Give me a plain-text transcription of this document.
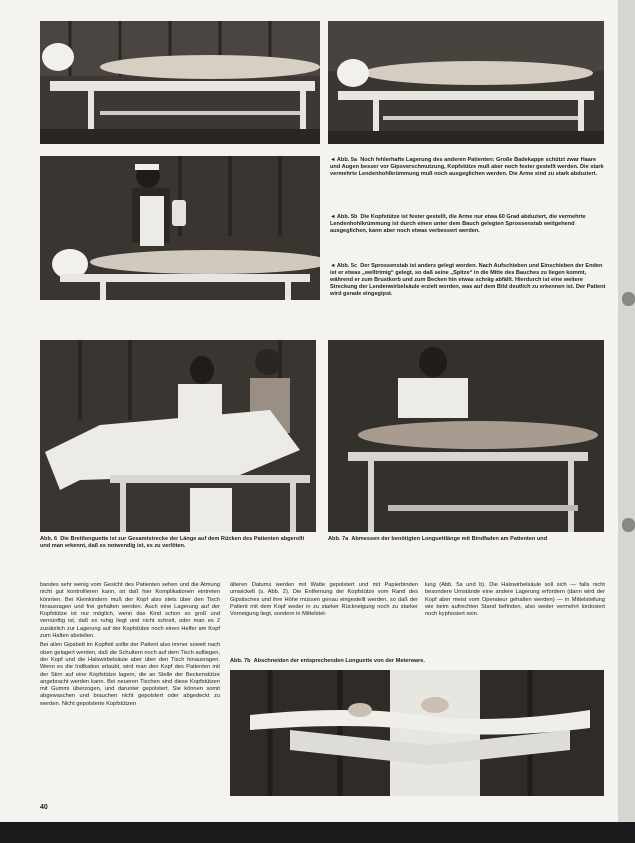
◄ Abb. 5a Noch fehlerhafte Lagerung des anderen Patienten: Große Badekappe schützt zwar Haare und Augen besser vor Gipsverschmutzung, Kopfstütze muß aber noch fester gestellt werden. Die stark vermehrte Lendenhohlkrümmung muß noch ausgeglichen werden. Die Arme sind zu stark abduziert.
◄ Abb. 5b Die Kopfstütze ist fester gestellt, die Arme nur etwa 60 Grad abduziert, die vermehrte Lendenhohlkrümmung ist durch einen unter dem Bauch gelegten Sprossenstab weitgehend ausgeglichen, kann aber noch etwas verbessert werden.
◄ Abb. 5c Der Sprossenstab ist anders gelegt worden. Nach Aufschieben und Einschieben der Enden ist er etwas „welltrimig“ gelegt, so daß seine „Spitze“ in die Mitte des Bauches zu liegen kommt, während er zum Brustkorb und zum Becken hin etwas schräg abfällt. Hierdurch ist eine weitere Streckung der Lendenwirbelsäule erzielt worden, was auf dem Bild deutlich zu erkennen ist. Der Patient wird gerade eingegipst.
Abb. 6 Die Breitlonguette ist zur Gesamtstrecke der Länge auf dem Rücken des Patienten abgerollt und man erkennt, daß es notwendig ist, es zu verlöten.
Abb. 7a Abmessen der benötigten Longuettlänge mit Bindfaden am Patienten und

bandes sehr wenig vom Gesicht des Patienten sehen und die Atmung nicht gut kontrollieren kann, ist daß hier Komplikationen eintreten könnten. Bei Kleinkindern muß der Kopf also stets über den Tisch hinausragen und frei gehalten werden. Auch eine Lagerung auf der Kopfstütze ist nur möglich, wenn das Kind schon so groß und vernünftig ist, daß es ruhig liegt und nicht schreit, oder man es 2 zusätzlich zur Lagerung auf der Kopfstütze noch einen Helfer am Kopf zum Halten abstellen.

Bei allen Gipsbett im Kopfteil sollte der Patient also immer soweit nach oben gelagert werden, daß die Schultern noch auf dem Tisch aufliegen, der Kopf und die Halswirbelsäule aber über den Tisch hinausragen. Wenn es die Indikation erlaubt, wird man den Kopf des Patienten mit der Stirn auf eine Kopfstütze lagern, die an Stelle der Beckenstütze angebracht werden kann. Bei neueren Tischen sind diese Kopfstützen mit Gummi überzogen, und darunter gepolstert. Sie können somit abgewaschen und brauchen nicht gepolstert oder abgedeckt zu werden. Nicht gepolsterte Kopfstützen

älteren Datums werden mit Watte gepolstert und mit Papierbinden umwickelt (s. Abb. 2). Die Entfernung der Kopfstütze vom Rand des Gipstisches und ihre Höhe müssen genau eingestellt werden, so daß der Patient mit dem Kopf weder in zu starker Rückneigung noch zu starker Vorneigung liegt, sondern in Mittelstel-

lung (Abb. 5a und b). Die Halswirbelsäule soll sich — falls nicht besondere Umstände eine andere Lagerung erfordern (dann wird der Kopf aber meist vom Operateur gehalten werden) — in Mittelstellung wie beim aufrechten Stand befinden, also weder vermehrt lordosiert noch kyphosiert sein.

Abb. 7b Abschneiden der entsprechenden Longuette von der Meterware.
40
